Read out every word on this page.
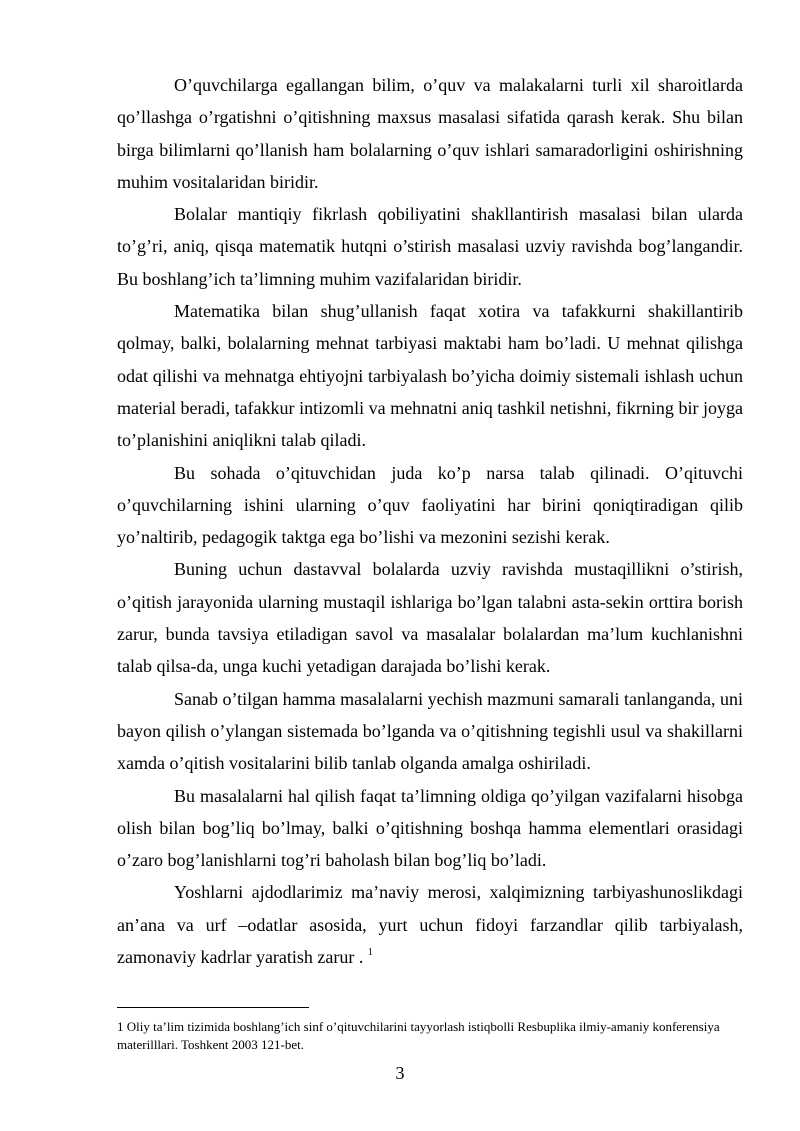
O’quvchilarga egallangan bilim, o’quv va malakalarni turli xil sharoitlarda qo’llashga o’rgatishni o’qitishning maxsus masalasi sifatida qarash kerak. Shu bilan birga bilimlarni qo’llanish ham bolalarning o’quv ishlari samaradorligini oshirishning muhim vositalaridan biridir.

Bolalar mantiqiy fikrlash qobiliyatini shakllantirish masalasi bilan ularda to’g’ri, aniq, qisqa matematik hutqni o’stirish masalasi uzviy ravishda bog’langandir. Bu boshlang’ich ta’limning muhim vazifalaridan biridir.

Matematika bilan shug’ullanish faqat xotira va tafakkurni shakillantirib qolmay, balki, bolalarning mehnat tarbiyasi maktabi ham bo’ladi. U mehnat qilishga odat qilishi va mehnatga ehtiyojni tarbiyalash bo’yicha doimiy sistemali ishlash uchun material beradi, tafakkur intizomli va mehnatni aniq tashkil netishni, fikrning bir joyga to’planishini aniqlikni talab qiladi.

Bu sohada o’qituvchidan juda ko’p narsa talab qilinadi. O’qituvchi o’quvchilarning ishini ularning o’quv faoliyatini har birini qoniqtiradigan qilib yo’naltirib, pedagogik taktga ega bo’lishi va mezonini sezishi kerak.

Buning uchun dastavval bolalarda uzviy ravishda mustaqillikni o’stirish, o’qitish jarayonida ularning mustaqil ishlariga bo’lgan talabni asta-sekin orttira borish zarur, bunda tavsiya etiladigan savol va masalalar bolalardan ma’lum kuchlanishni talab qilsa-da, unga kuchi yetadigan darajada bo’lishi kerak.

Sanab o’tilgan hamma masalalarni yechish mazmuni samarali tanlanganda, uni bayon qilish o’ylangan sistemada bo’lganda va o’qitishning tegishli usul va shakillarni xamda o’qitish vositalarini bilib tanlab olganda amalga oshiriladi.

Bu masalalarni hal qilish faqat ta’limning oldiga qo’yilgan vazifalarni hisobga olish bilan bog’liq bo’lmay, balki o’qitishning boshqa hamma elementlari orasidagi o’zaro bog’lanishlarni tog’ri baholash bilan bog’liq bo’ladi.

Yoshlarni ajdodlarimiz ma’naviy merosi, xalqimizning tarbiyashunoslikdagi an’ana va urf –odatlar asosida, yurt uchun fidoyi farzandlar qilib tarbiyalash, zamonaviy kadrlar yaratish zarur . $^1$

1 Oliy ta’lim tizimida boshlang’ich sinf o’qituvchilarini tayyorlash istiqbolli Resbuplika ilmiy-amaniy konferensiya materilllari. Toshkent 2003 121-bet.

3
